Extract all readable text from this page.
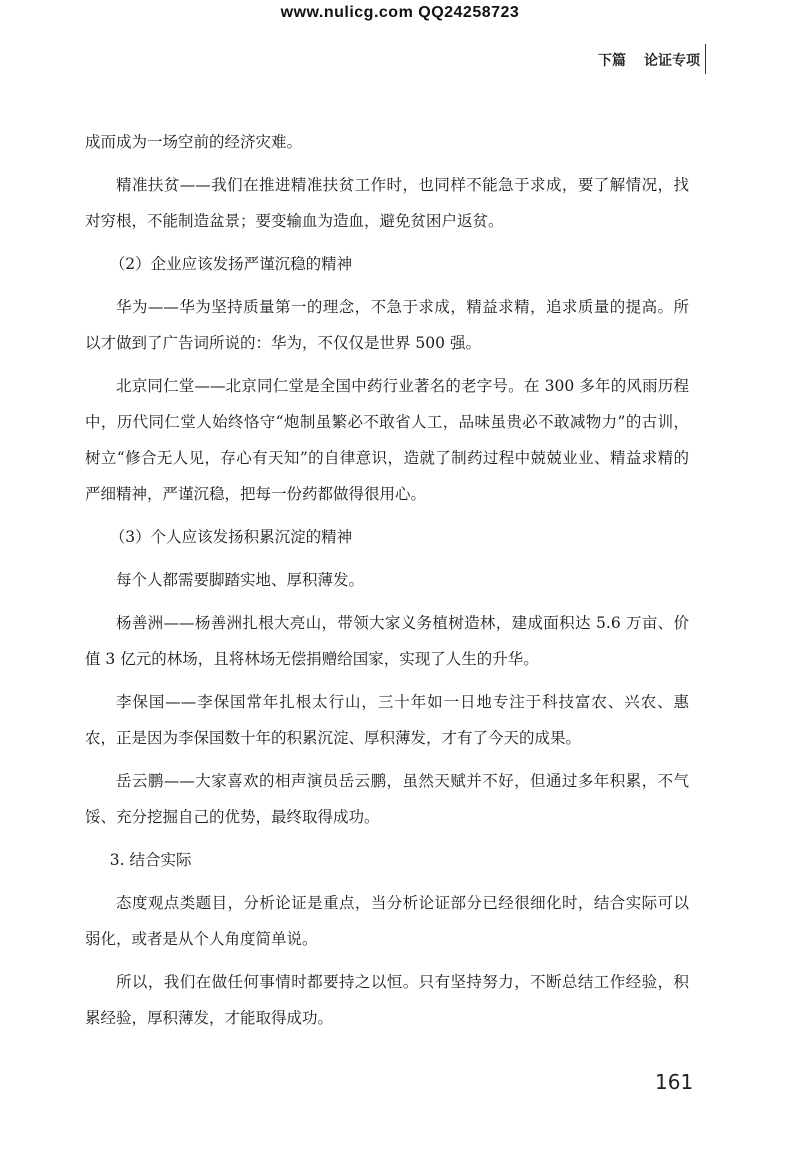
www.nulicg.com QQ24258723
下篇 论证专项

成而成为一场空前的经济灾难。

精准扶贫——我们在推进精准扶贫工作时，也同样不能急于求成，要了解情况，找对穷根，不能制造盆景；要变输血为造血，避免贫困户返贫。

（2）企业应该发扬严谨沉稳的精神

华为——华为坚持质量第一的理念，不急于求成，精益求精，追求质量的提高。所以才做到了广告词所说的：华为，不仅仅是世界 500 强。

北京同仁堂——北京同仁堂是全国中药行业著名的老字号。在 300 多年的风雨历程中，历代同仁堂人始终恪守“炮制虽繁必不敢省人工，品味虽贵必不敢减物力”的古训，树立“修合无人见，存心有天知”的自律意识，造就了制药过程中兢兢业业、精益求精的严细精神，严谨沉稳，把每一份药都做得很用心。

（3）个人应该发扬积累沉淀的精神

每个人都需要脚踏实地、厚积薄发。

杨善洲——杨善洲扎根大亮山，带领大家义务植树造林，建成面积达 5.6 万亩、价值 3 亿元的林场，且将林场无偿捐赠给国家，实现了人生的升华。

李保国——李保国常年扎根太行山，三十年如一日地专注于科技富农、兴农、惠农，正是因为李保国数十年的积累沉淀、厚积薄发，才有了今天的成果。

岳云鹏——大家喜欢的相声演员岳云鹏，虽然天赋并不好，但通过多年积累，不气馁、充分挖掘自己的优势，最终取得成功。

3. 结合实际

态度观点类题目，分析论证是重点，当分析论证部分已经很细化时，结合实际可以弱化，或者是从个人角度简单说。

所以，我们在做任何事情时都要持之以恒。只有坚持努力，不断总结工作经验，积累经验，厚积薄发，才能取得成功。

161
